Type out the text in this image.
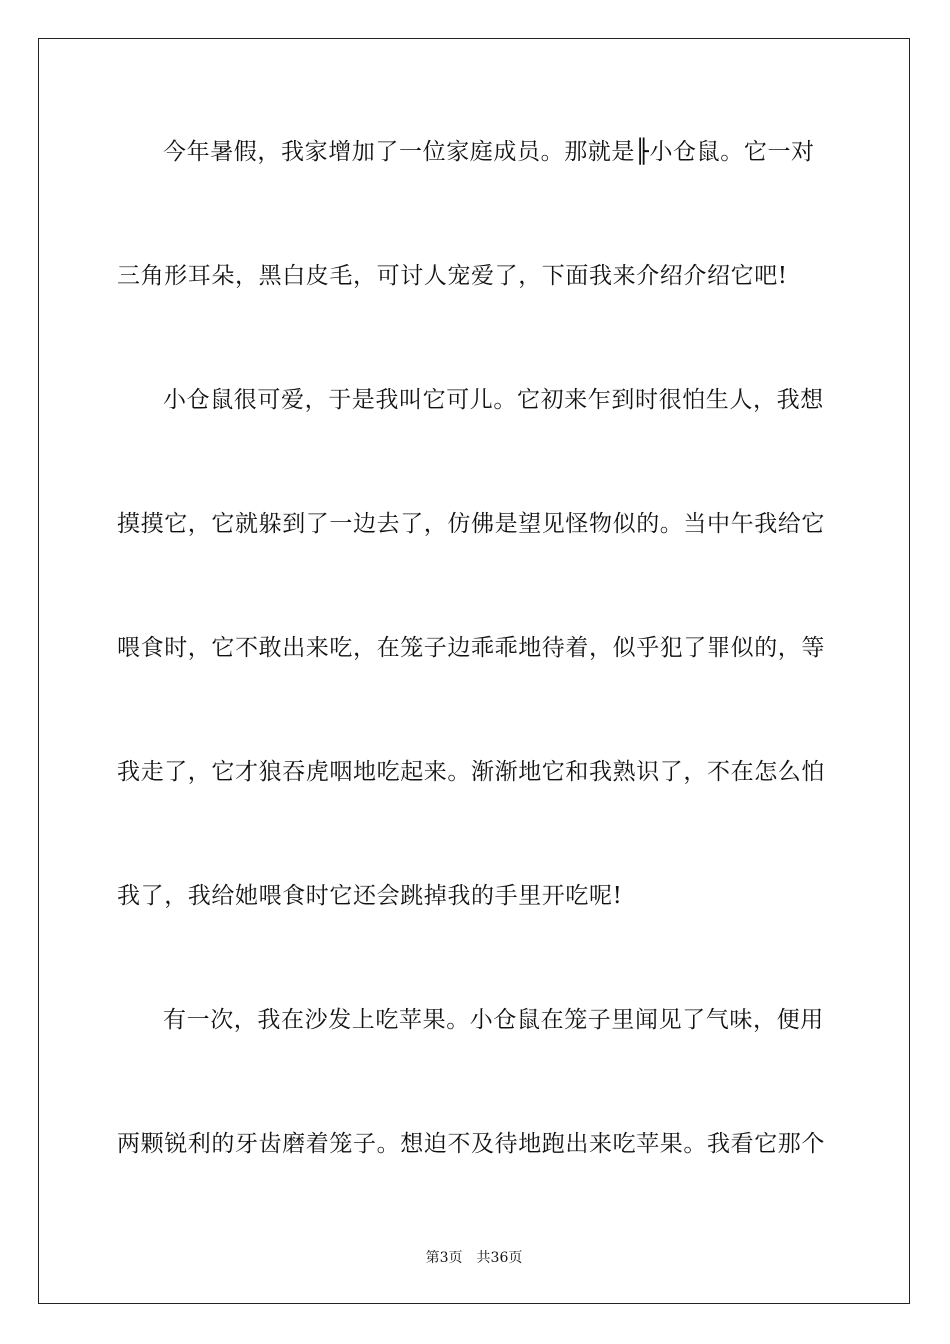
今年暑假，我家增加了一位家庭成员。那就是╟小仓鼠。它一对

三角形耳朵，黑白皮毛，可讨人宠爱了，下面我来介绍介绍它吧!

小仓鼠很可爱，于是我叫它可儿。它初来乍到时很怕生人，我想

摸摸它，它就躲到了一边去了，仿佛是望见怪物似的。当中午我给它

喂食时，它不敢出来吃，在笼子边乖乖地待着，似乎犯了罪似的，等

我走了，它才狼吞虎咽地吃起来。渐渐地它和我熟识了，不在怎么怕

我了，我给她喂食时它还会跳掉我的手里开吃呢!

有一次，我在沙发上吃苹果。小仓鼠在笼子里闻见了气味，便用

两颗锐利的牙齿磨着笼子。想迫不及待地跑出来吃苹果。我看它那个

第3页 共36页
